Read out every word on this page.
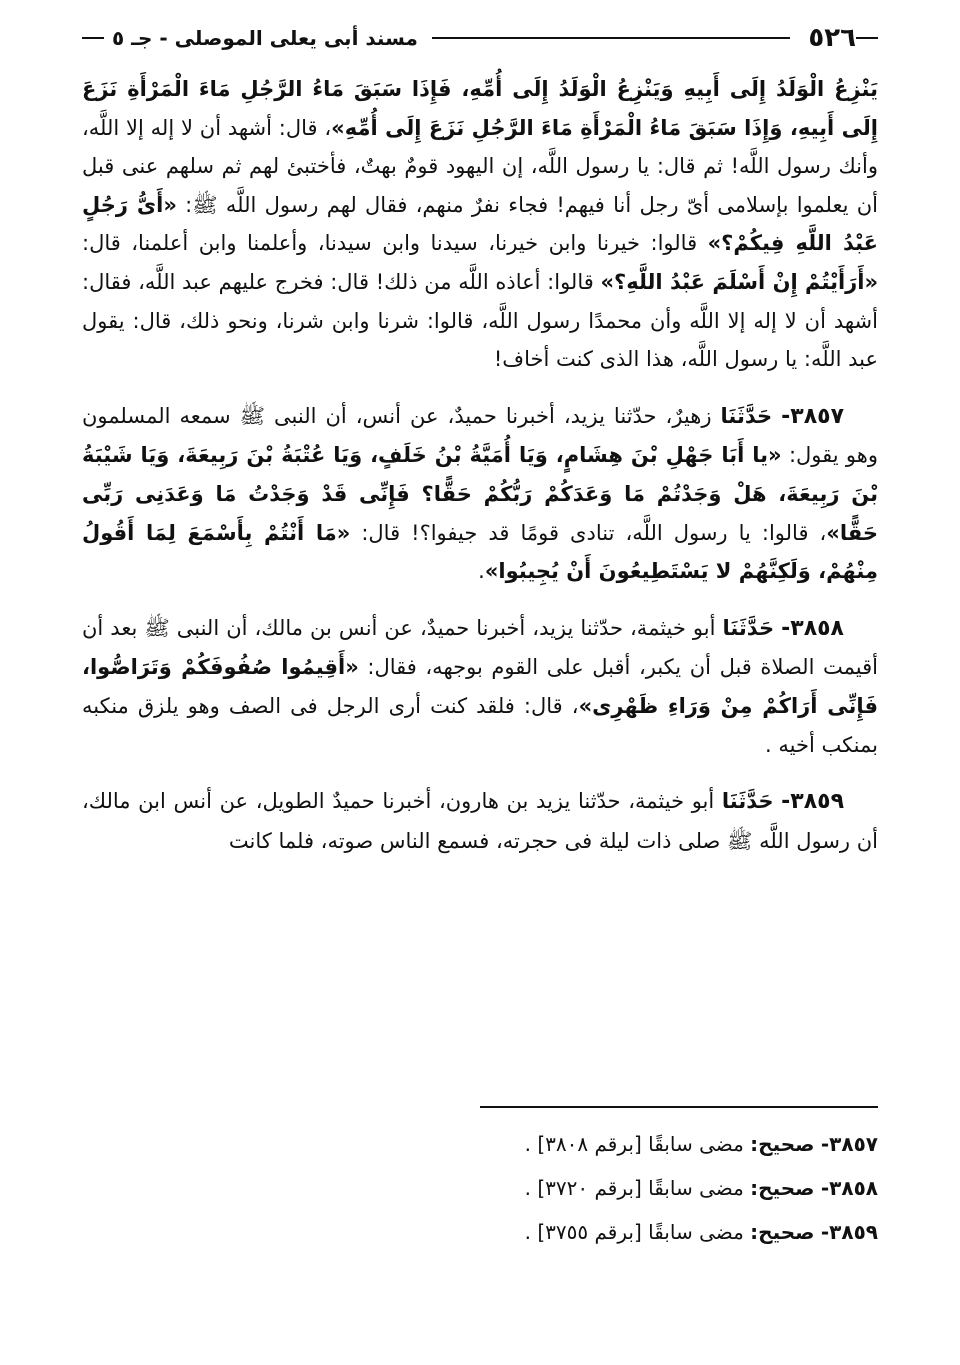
٥٢٦
مسند أبى يعلى الموصلى - جـ ٥

يَنْزِعُ الْوَلَدُ إِلَى أَبِيهِ وَيَنْزِعُ الْوَلَدُ إِلَى أُمِّهِ، فَإِذَا سَبَقَ مَاءُ الرَّجُلِ مَاءَ الْمَرْأَةِ نَزَعَ إِلَى أَبِيهِ، وَإِذَا سَبَقَ مَاءُ الْمَرْأَةِ مَاءَ الرَّجُلِ نَزَعَ إِلَى أُمِّهِ»، قال: أشهد أن لا إله إلا اللَّه، وأنك رسول اللَّه! ثم قال: يا رسول اللَّه، إن اليهود قومٌ بهتٌ، فأختبئ لهم ثم سلهم عنى قبل أن يعلموا بإسلامى أىّ رجل أنا فيهم! فجاء نفرٌ منهم، فقال لهم رسول اللَّه ﷺ: «أَىُّ رَجُلٍ عَبْدُ اللَّهِ فِيكُمْ؟» قالوا: خيرنا وابن خيرنا، سيدنا وابن سيدنا، وأعلمنا وابن أعلمنا، قال: «أَرَأَيْتُمْ إِنْ أَسْلَمَ عَبْدُ اللَّهِ؟» قالوا: أعاذه اللَّه من ذلك! قال: فخرج عليهم عبد اللَّه، فقال: أشهد أن لا إله إلا اللَّه وأن محمدًا رسول اللَّه، قالوا: شرنا وابن شرنا، ونحو ذلك، قال: يقول عبد اللَّه: يا رسول اللَّه، هذا الذى كنت أخاف!

٣٨٥٧- حَدَّثَنَا زهيرٌ، حدّثنا يزيد، أخبرنا حميدٌ، عن أنس، أن النبى ﷺ سمعه المسلمون وهو يقول: «يا أَبَا جَهْلِ بْنَ هِشَامٍ، وَيَا أُمَيَّةُ بْنُ خَلَفٍ، وَيَا عُتْبَةُ بْنَ رَبِيعَةَ، وَيَا شَيْبَةُ بْنَ رَبِيعَةَ، هَلْ وَجَدْتُمْ مَا وَعَدَكُمْ رَبُّكُمْ حَقًّا؟ فَإِنِّى قَدْ وَجَدْتُ مَا وَعَدَنِى رَبِّى حَقًّا»، قالوا: يا رسول اللَّه، تنادى قومًا قد جيفوا؟! قال: «مَا أَنْتُمْ بِأَسْمَعَ لِمَا أَقُولُ مِنْهُمْ، وَلَكِنَّهُمْ لا يَسْتَطِيعُونَ أَنْ يُجِيبُوا».

٣٨٥٨- حَدَّثَنَا أبو خيثمة، حدّثنا يزيد، أخبرنا حميدٌ، عن أنس بن مالك، أن النبى ﷺ بعد أن أقيمت الصلاة قبل أن يكبر، أقبل على القوم بوجهه، فقال: «أَقِيمُوا صُفُوفَكُمْ وَتَرَاصُّوا، فَإِنِّى أَرَاكُمْ مِنْ وَرَاءِ ظَهْرِى»، قال: فلقد كنت أرى الرجل فى الصف وهو يلزق منكبه بمنكب أخيه .

٣٨٥٩- حَدَّثَنَا أبو خيثمة، حدّثنا يزيد بن هارون، أخبرنا حميدٌ الطويل، عن أنس ابن مالك، أن رسول اللَّه ﷺ صلى ذات ليلة فى حجرته، فسمع الناس صوته، فلما كانت

٣٨٥٧- صحيح: مضى سابقًا [برقم ٣٨٠٨] .
٣٨٥٨- صحيح: مضى سابقًا [برقم ٣٧٢٠] .
٣٨٥٩- صحيح: مضى سابقًا [برقم ٣٧٥٥] .
